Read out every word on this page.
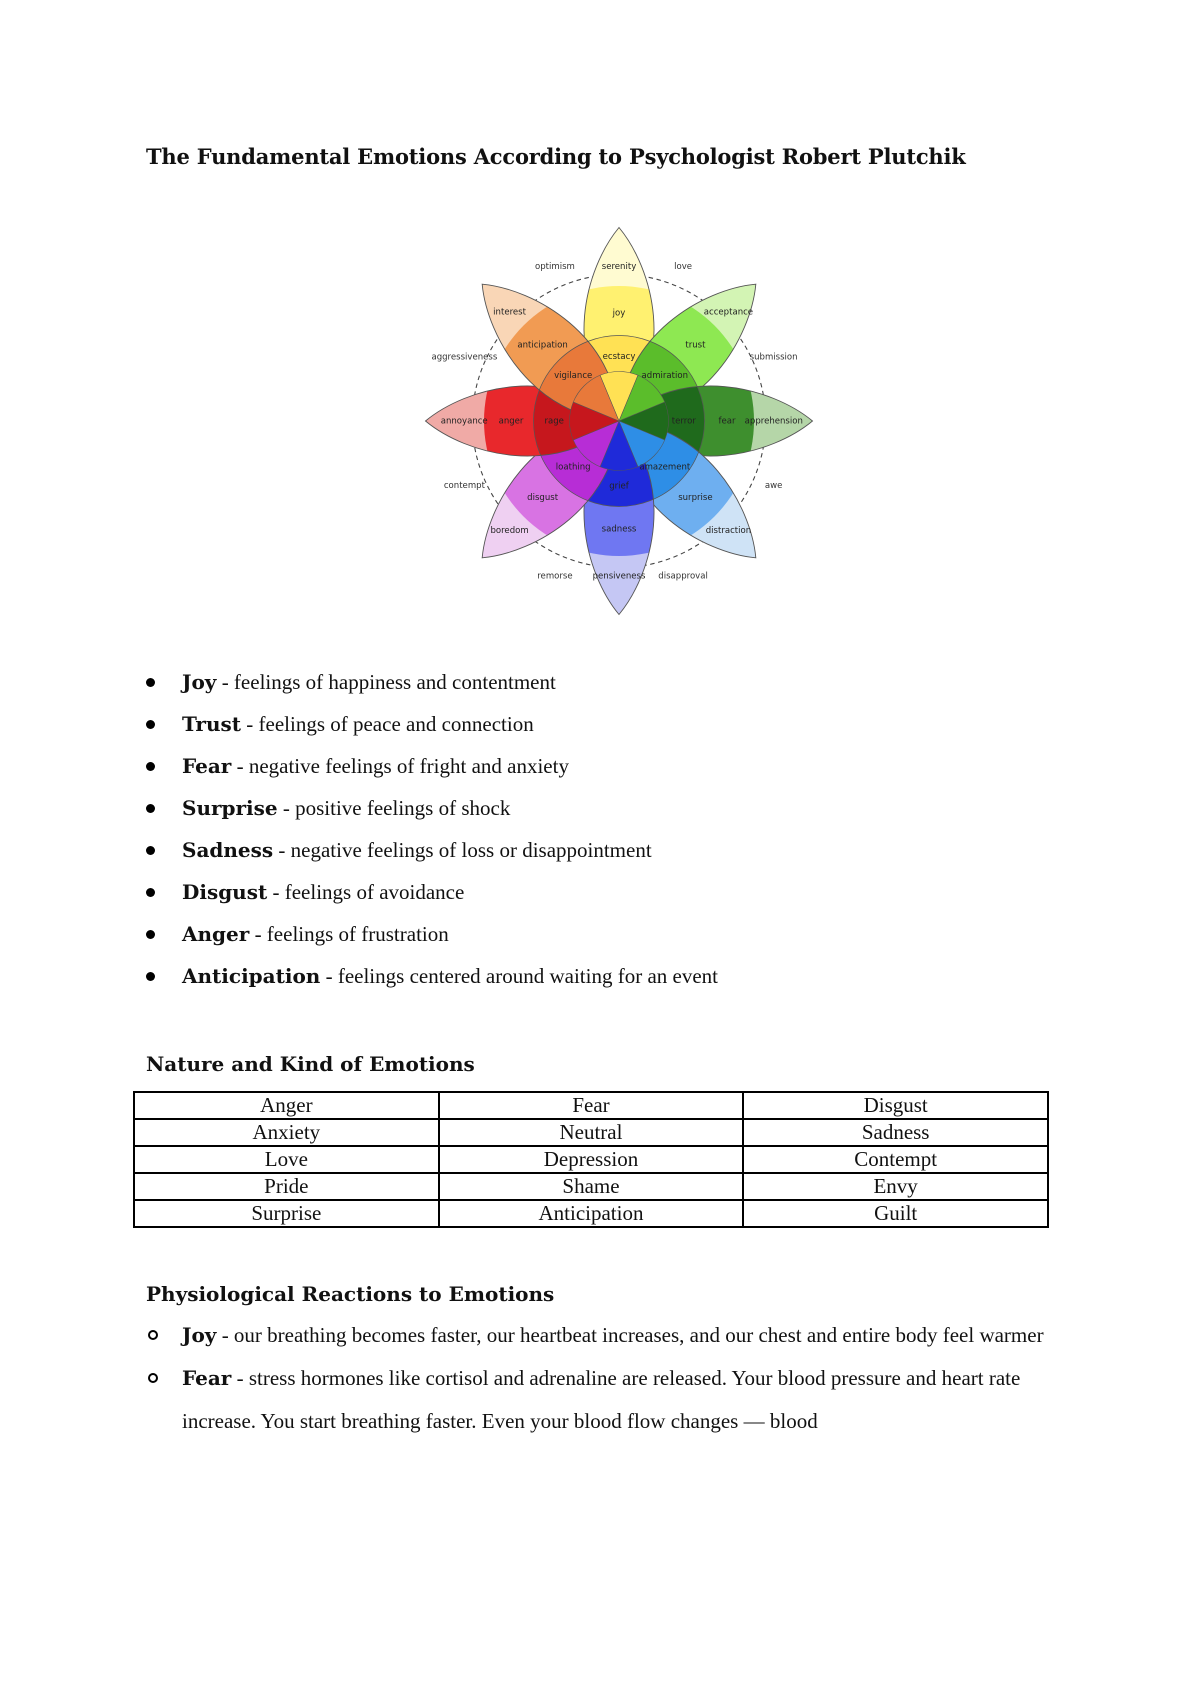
The Fundamental Emotions According to Psychologist Robert Plutchik
serenity
joy
ecstacy
acceptance
trust
admiration
apprehension
fear
terror
distraction
surprise
amazement
pensiveness
sadness
grief
boredom
disgust
loathing
annoyance anger rage
interest
anticipation
vigilance
love
submission
awe
disapproval
remorse
contempt
aggressiveness
optimism
Joy - feelings of happiness and contentment
Trust - feelings of peace and connection
Fear - negative feelings of fright and anxiety
Surprise - positive feelings of shock
Sadness - negative feelings of loss or disappointment
Disgust - feelings of avoidance
Anger - feelings of frustration
Anticipation - feelings centered around waiting for an event
Nature and Kind of Emotions
Anger	Fear	Disgust
Anxiety	Neutral	Sadness
Love	Depression	Contempt
Pride	Shame	Envy
Surprise	Anticipation	Guilt
Physiological Reactions to Emotions
Joy - our breathing becomes faster, our heartbeat increases, and our chest and entire body feel warmer
Fear - stress hormones like cortisol and adrenaline are released. Your blood pressure and heart rate increase. You start breathing faster. Even your blood flow changes — blood
